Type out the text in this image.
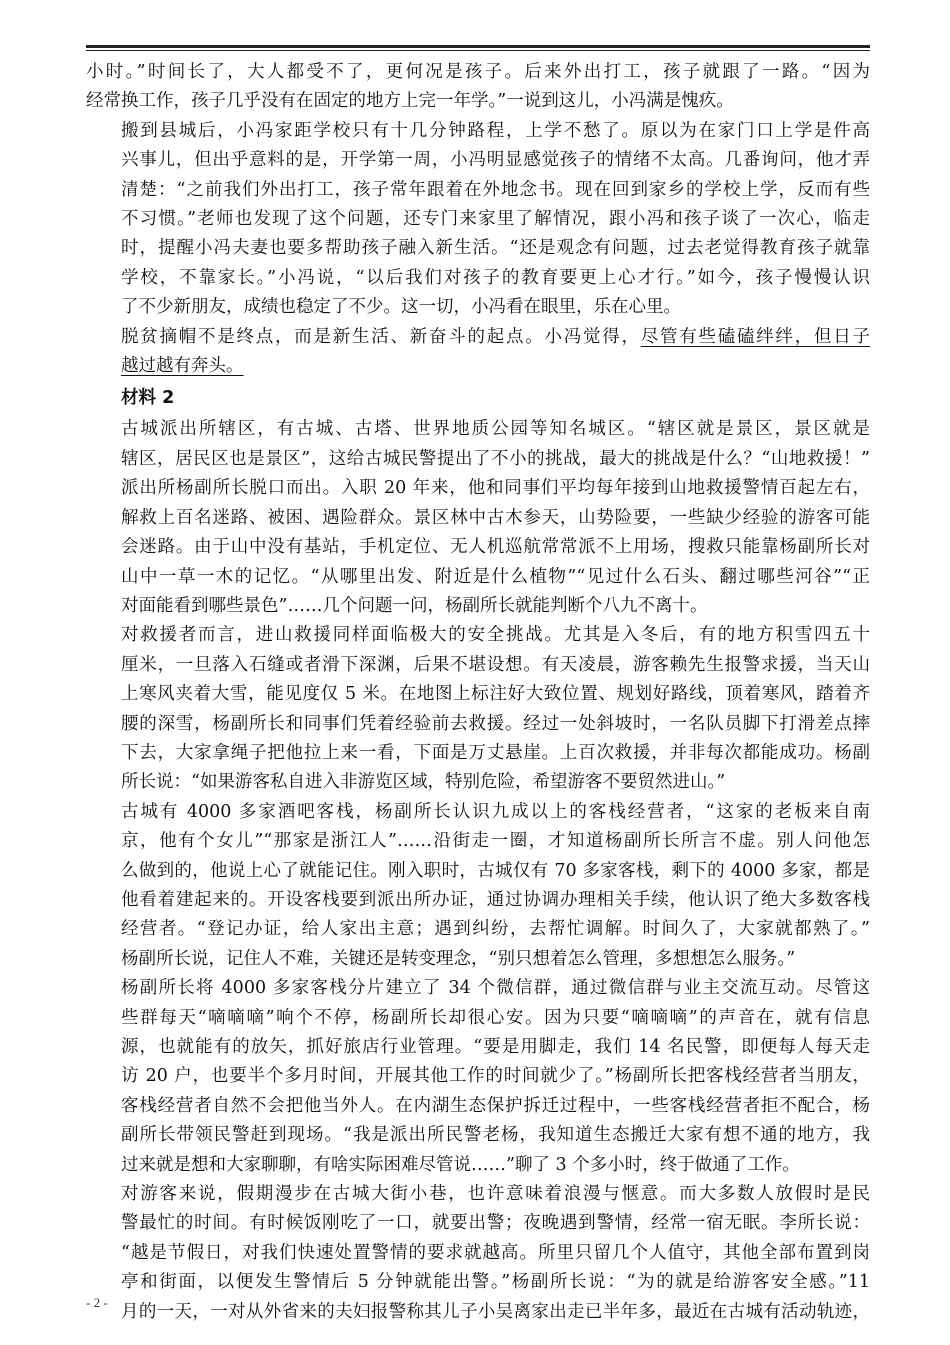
小时。”时间长了，大人都受不了，更何况是孩子。后来外出打工，孩子就跟了一路。“因为
经常换工作，孩子几乎没有在固定的地方上完一年学。”一说到这儿，小冯满是愧疚。

搬到县城后，小冯家距学校只有十几分钟路程，上学不愁了。原以为在家门口上学是件高
兴事儿，但出乎意料的是，开学第一周，小冯明显感觉孩子的情绪不太高。几番询问，他才弄
清楚：“之前我们外出打工，孩子常年跟着在外地念书。现在回到家乡的学校上学，反而有些
不习惯。”老师也发现了这个问题，还专门来家里了解情况，跟小冯和孩子谈了一次心，临走
时，提醒小冯夫妻也要多帮助孩子融入新生活。“还是观念有问题，过去老觉得教育孩子就靠
学校，不靠家长。”小冯说，“以后我们对孩子的教育要更上心才行。”如今，孩子慢慢认识
了不少新朋友，成绩也稳定了不少。这一切，小冯看在眼里，乐在心里。

脱贫摘帽不是终点，而是新生活、新奋斗的起点。小冯觉得，尽管有些磕磕绊绊，但日子
越过越有奔头。

材料 2

古城派出所辖区，有古城、古塔、世界地质公园等知名城区。“辖区就是景区，景区就是
辖区，居民区也是景区”，这给古城民警提出了不小的挑战，最大的挑战是什么？“山地救援！”
派出所杨副所长脱口而出。入职 20 年来，他和同事们平均每年接到山地救援警情百起左右，
解救上百名迷路、被困、遇险群众。景区林中古木参天，山势险要，一些缺少经验的游客可能
会迷路。由于山中没有基站，手机定位、无人机巡航常常派不上用场，搜救只能靠杨副所长对
山中一草一木的记忆。“从哪里出发、附近是什么植物”“见过什么石头、翻过哪些河谷”“正
对面能看到哪些景色”……几个问题一问，杨副所长就能判断个八九不离十。

对救援者而言，进山救援同样面临极大的安全挑战。尤其是入冬后，有的地方积雪四五十
厘米，一旦落入石缝或者滑下深渊，后果不堪设想。有天凌晨，游客赖先生报警求援，当天山
上寒风夹着大雪，能见度仅 5 米。在地图上标注好大致位置、规划好路线，顶着寒风，踏着齐
腰的深雪，杨副所长和同事们凭着经验前去救援。经过一处斜坡时，一名队员脚下打滑差点摔
下去，大家拿绳子把他拉上来一看，下面是万丈悬崖。上百次救援，并非每次都能成功。杨副
所长说：“如果游客私自进入非游览区域，特别危险，希望游客不要贸然进山。”

古城有 4000 多家酒吧客栈，杨副所长认识九成以上的客栈经营者，“这家的老板来自南
京，他有个女儿”“那家是浙江人”……沿街走一圈，才知道杨副所长所言不虚。别人问他怎
么做到的，他说上心了就能记住。刚入职时，古城仅有 70 多家客栈，剩下的 4000 多家，都是
他看着建起来的。开设客栈要到派出所办证，通过协调办理相关手续，他认识了绝大多数客栈
经营者。“登记办证，给人家出主意；遇到纠纷，去帮忙调解。时间久了，大家就都熟了。”
杨副所长说，记住人不难，关键还是转变理念，“别只想着怎么管理，多想想怎么服务。”

杨副所长将 4000 多家客栈分片建立了 34 个微信群，通过微信群与业主交流互动。尽管这
些群每天“嘀嘀嘀”响个不停，杨副所长却很心安。因为只要“嘀嘀嘀”的声音在，就有信息
源，也就能有的放矢，抓好旅店行业管理。“要是用脚走，我们 14 名民警，即便每人每天走
访 20 户，也要半个多月时间，开展其他工作的时间就少了。”杨副所长把客栈经营者当朋友，
客栈经营者自然不会把他当外人。在内湖生态保护拆迁过程中，一些客栈经营者拒不配合，杨
副所长带领民警赶到现场。“我是派出所民警老杨，我知道生态搬迁大家有想不通的地方，我
过来就是想和大家聊聊，有啥实际困难尽管说……”聊了 3 个多小时，终于做通了工作。

对游客来说，假期漫步在古城大街小巷，也许意味着浪漫与惬意。而大多数人放假时是民
警最忙的时间。有时候饭刚吃了一口，就要出警；夜晚遇到警情，经常一宿无眠。李所长说：
“越是节假日，对我们快速处置警情的要求就越高。所里只留几个人值守，其他全部布置到岗
亭和街面，以便发生警情后 5 分钟就能出警。”杨副所长说：“为的就是给游客安全感。”11
月的一天，一对从外省来的夫妇报警称其儿子小吴离家出走已半年多，最近在古城有活动轨迹，

- 2 -
